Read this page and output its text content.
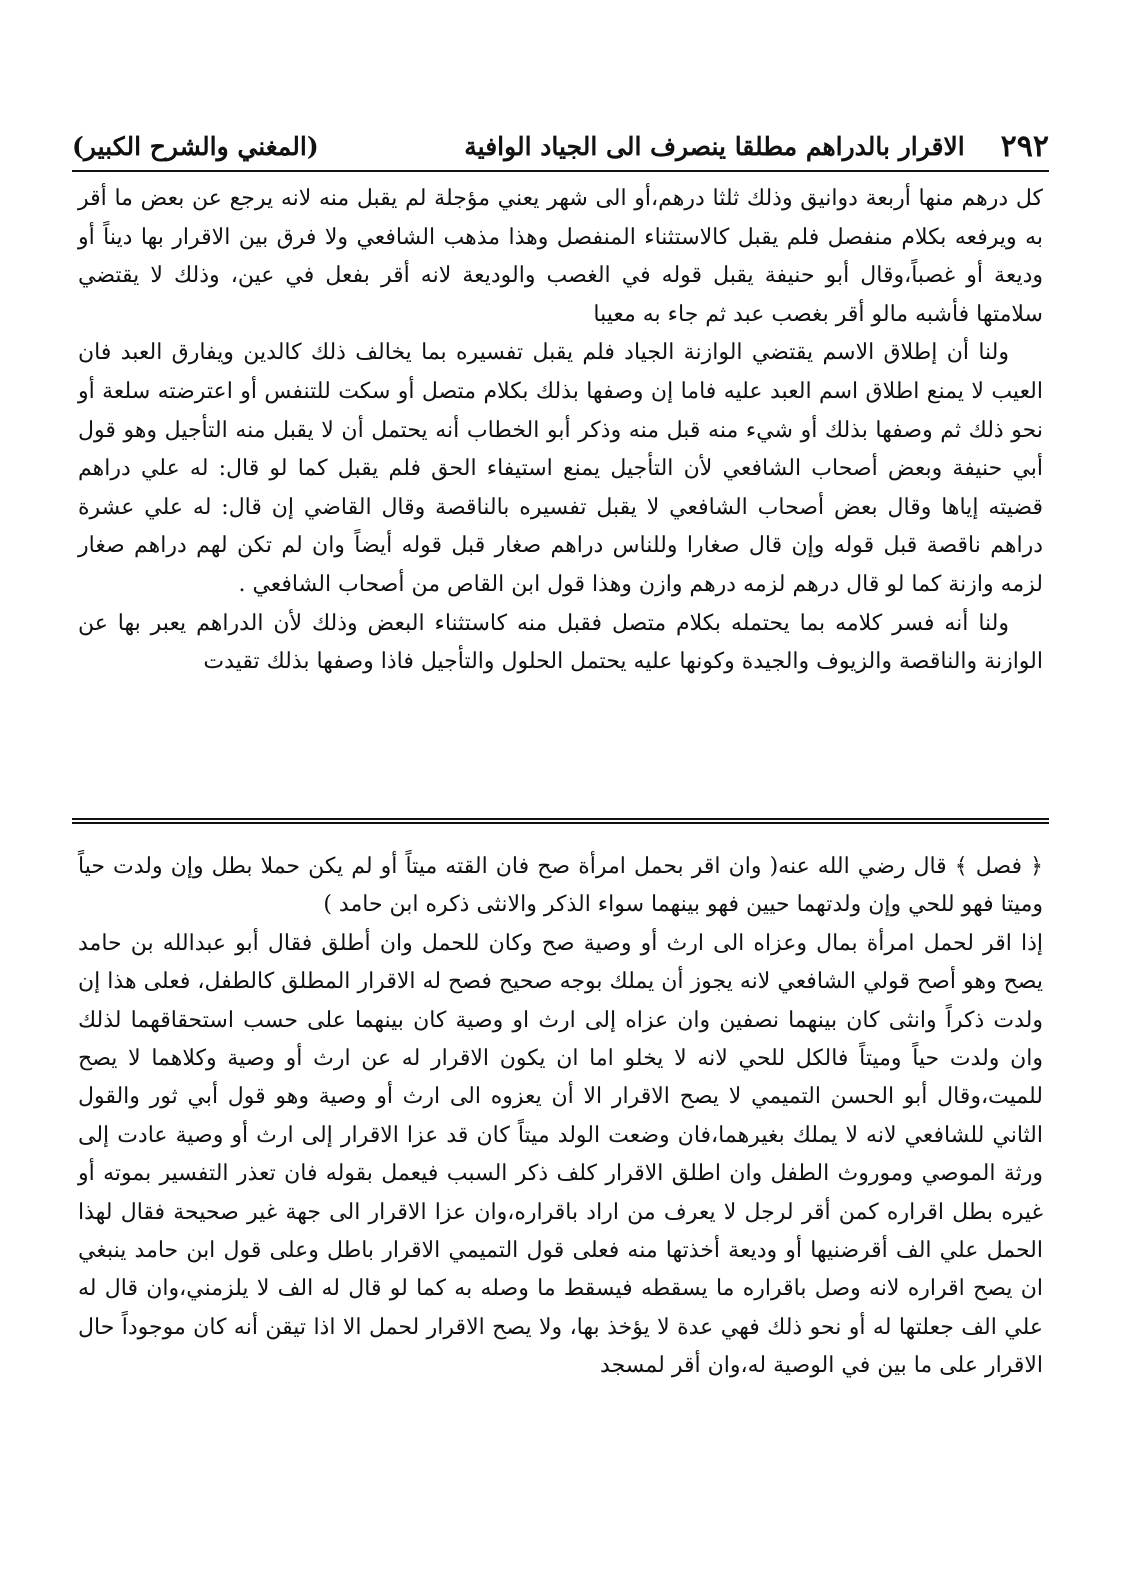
٢٩٢
الاقرار بالدراهم مطلقا ينصرف الى الجياد الوافية
(المغني والشرح الكبير)

كل درهم منها أربعة دوانيق وذلك ثلثا درهم،أو الى شهر يعني مؤجلة لم يقبل منه لانه يرجع عن بعض ما أقر به ويرفعه بكلام منفصل فلم يقبل كالاستثناء المنفصل وهذا مذهب الشافعي ولا فرق بين الاقرار بها ديناً أو وديعة أو غصباً،وقال أبو حنيفة يقبل قوله في الغصب والوديعة لانه أقر بفعل في عين، وذلك لا يقتضي سلامتها فأشبه مالو أقر بغصب عبد ثم جاء به معيبا

ولنا أن إطلاق الاسم يقتضي الوازنة الجياد فلم يقبل تفسيره بما يخالف ذلك كالدين ويفارق العبد فان العيب لا يمنع اطلاق اسم العبد عليه فاما إن وصفها بذلك بكلام متصل أو سكت للتنفس أو اعترضته سلعة أو نحو ذلك ثم وصفها بذلك أو شيء منه قبل منه وذكر أبو الخطاب أنه يحتمل أن لا يقبل منه التأجيل وهو قول أبي حنيفة وبعض أصحاب الشافعي لأن التأجيل يمنع استيفاء الحق فلم يقبل كما لو قال: له علي دراهم قضيته إياها وقال بعض أصحاب الشافعي لا يقبل تفسيره بالناقصة وقال القاضي إن قال: له علي عشرة دراهم ناقصة قبل قوله وإن قال صغارا وللناس دراهم صغار قبل قوله أيضاً وان لم تكن لهم دراهم صغار لزمه وازنة كما لو قال درهم لزمه درهم وازن وهذا قول ابن القاص من أصحاب الشافعي .

ولنا أنه فسر كلامه بما يحتمله بكلام متصل فقبل منه كاستثناء البعض وذلك لأن الدراهم يعبر بها عن الوازنة والناقصة والزيوف والجيدة وكونها عليه يحتمل الحلول والتأجيل فاذا وصفها بذلك تقيدت

﴿ فصل ﴾ قال رضي الله عنه( وان اقر بحمل امرأة صح فان القته ميتاً أو لم يكن حملا بطل وإن ولدت حياً وميتا فهو للحي وإن ولدتهما حيين فهو بينهما سواء الذكر والانثى ذكره ابن حامد )

إذا اقر لحمل امرأة بمال وعزاه الى ارث أو وصية صح وكان للحمل وان أطلق فقال أبو عبدالله بن حامد يصح وهو أصح قولي الشافعي لانه يجوز أن يملك بوجه صحيح فصح له الاقرار المطلق كالطفل، فعلى هذا إن ولدت ذكراً وانثى كان بينهما نصفين وان عزاه إلى ارث او وصية كان بينهما على حسب استحقاقهما لذلك وان ولدت حياً وميتاً فالكل للحي لانه لا يخلو اما ان يكون الاقرار له عن ارث أو وصية وكلاهما لا يصح للميت،وقال أبو الحسن التميمي لا يصح الاقرار الا أن يعزوه الى ارث أو وصية وهو قول أبي ثور والقول الثاني للشافعي لانه لا يملك بغيرهما،فان وضعت الولد ميتاً كان قد عزا الاقرار إلى ارث أو وصية عادت إلى ورثة الموصي وموروث الطفل وان اطلق الاقرار كلف ذكر السبب فيعمل بقوله فان تعذر التفسير بموته أو غيره بطل اقراره كمن أقر لرجل لا يعرف من اراد باقراره،وان عزا الاقرار الى جهة غير صحيحة فقال لهذا الحمل علي الف أقرضنيها أو وديعة أخذتها منه فعلى قول التميمي الاقرار باطل وعلى قول ابن حامد ينبغي ان يصح اقراره لانه وصل باقراره ما يسقطه فيسقط ما وصله به كما لو قال له الف لا يلزمني،وان قال له علي الف جعلتها له أو نحو ذلك فهي عدة لا يؤخذ بها، ولا يصح الاقرار لحمل الا اذا تيقن أنه كان موجوداً حال الاقرار على ما بين في الوصية له،وان أقر لمسجد
